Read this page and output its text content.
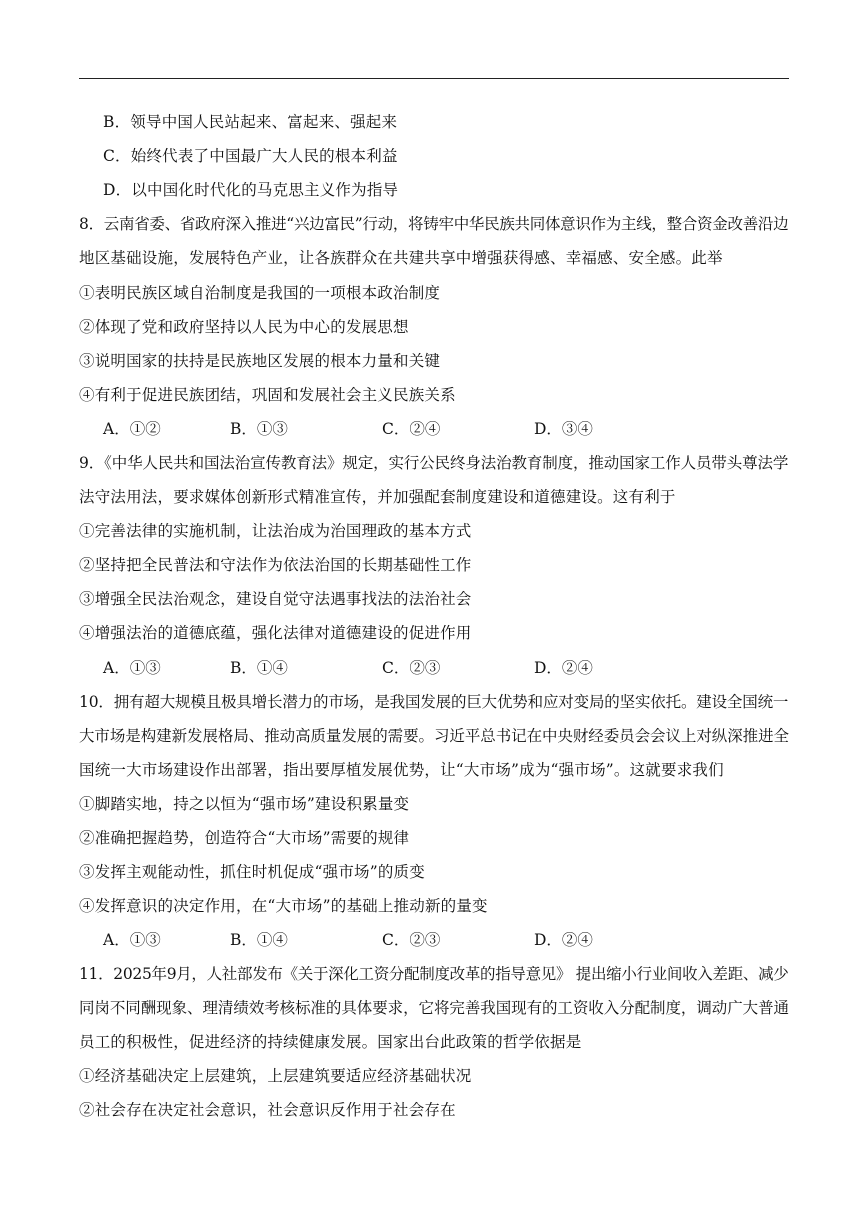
B．领导中国人民站起来、富起来、强起来
C．始终代表了中国最广大人民的根本利益
D．以中国化时代化的马克思主义作为指导
8．云南省委、省政府深入推进“兴边富民”行动，将铸牢中华民族共同体意识作为主线，整合资金改善沿边
地区基础设施，发展特色产业，让各族群众在共建共享中增强获得感、幸福感、安全感。此举
①表明民族区域自治制度是我国的一项根本政治制度
②体现了党和政府坚持以人民为中心的发展思想
③说明国家的扶持是民族地区发展的根本力量和关键
④有利于促进民族团结，巩固和发展社会主义民族关系
A．①②	B．①③	C．②④	D．③④
9．《中华人民共和国法治宣传教育法》规定，实行公民终身法治教育制度，推动国家工作人员带头尊法学
法守法用法，要求媒体创新形式精准宣传，并加强配套制度建设和道德建设。这有利于
①完善法律的实施机制，让法治成为治国理政的基本方式
②坚持把全民普法和守法作为依法治国的长期基础性工作
③增强全民法治观念，建设自觉守法遇事找法的法治社会
④增强法治的道德底蕴，强化法律对道德建设的促进作用
A．①③	B．①④	C．②③	D．②④
10．拥有超大规模且极具增长潜力的市场，是我国发展的巨大优势和应对变局的坚实依托。建设全国统一
大市场是构建新发展格局、推动高质量发展的需要。习近平总书记在中央财经委员会会议上对纵深推进全
国统一大市场建设作出部署，指出要厚植发展优势，让“大市场”成为“强市场”。这就要求我们
①脚踏实地，持之以恒为“强市场”建设积累量变
②准确把握趋势，创造符合“大市场”需要的规律
③发挥主观能动性，抓住时机促成“强市场”的质变
④发挥意识的决定作用，在“大市场”的基础上推动新的量变
A．①③	B．①④	C．②③	D．②④
11．2025年9月，人社部发布《关于深化工资分配制度改革的指导意见》 提出缩小行业间收入差距、减少
同岗不同酬现象、理清绩效考核标准的具体要求，它将完善我国现有的工资收入分配制度，调动广大普通
员工的积极性，促进经济的持续健康发展。国家出台此政策的哲学依据是
①经济基础决定上层建筑，上层建筑要适应经济基础状况
②社会存在决定社会意识，社会意识反作用于社会存在
